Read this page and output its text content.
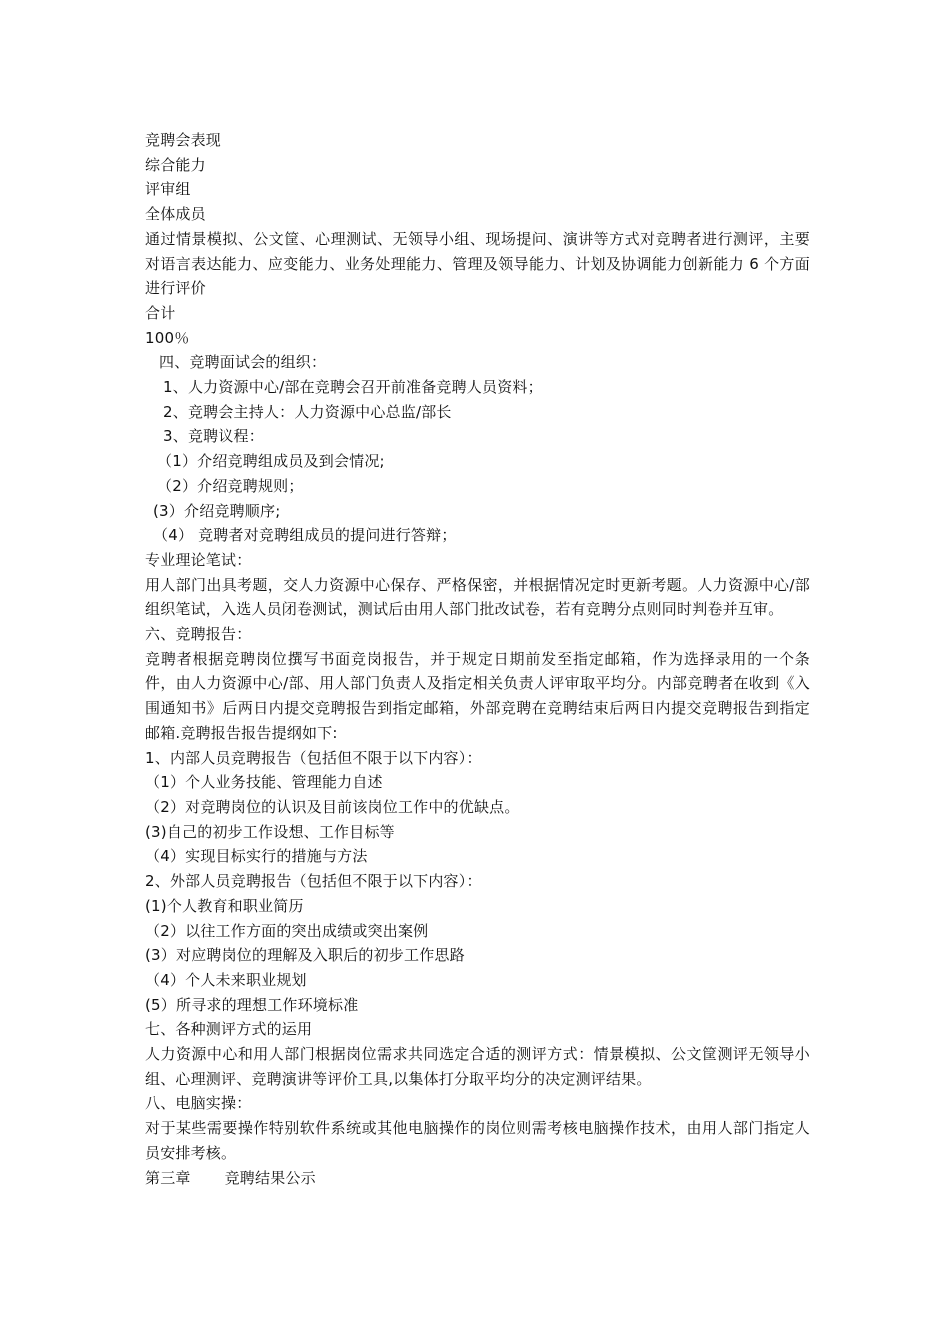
竞聘会表现
综合能力
评审组
全体成员
通过情景模拟、公文筐、心理测试、无领导小组、现场提问、演讲等方式对竞聘者进行测评，主要对语言表达能力、应变能力、业务处理能力、管理及领导能力、计划及协调能力创新能力 6 个方面进行评价
合计
100％
四、竞聘面试会的组织：
1、人力资源中心/部在竞聘会召开前准备竞聘人员资料；
2、竞聘会主持人：人力资源中心总监/部长
3、竞聘议程：
（1）介绍竞聘组成员及到会情况;
（2）介绍竞聘规则；
(3）介绍竞聘顺序;
（4） 竞聘者对竞聘组成员的提问进行答辩；
专业理论笔试：
用人部门出具考题，交人力资源中心保存、严格保密，并根据情况定时更新考题。人力资源中心/部组织笔试，入选人员闭卷测试，测试后由用人部门批改试卷，若有竞聘分点则同时判卷并互审。
六、竞聘报告：
竞聘者根据竞聘岗位撰写书面竞岗报告，并于规定日期前发至指定邮箱，作为选择录用的一个条件，由人力资源中心/部、用人部门负责人及指定相关负责人评审取平均分。内部竞聘者在收到《入围通知书》后两日内提交竞聘报告到指定邮箱，外部竞聘在竞聘结束后两日内提交竞聘报告到指定邮箱.竞聘报告报告提纲如下:
1、内部人员竞聘报告（包括但不限于以下内容）：
（1）个人业务技能、管理能力自述
（2）对竞聘岗位的认识及目前该岗位工作中的优缺点。
(3)自己的初步工作设想、工作目标等
（4）实现目标实行的措施与方法
2、外部人员竞聘报告（包括但不限于以下内容）：
(1)个人教育和职业简历
（2）以往工作方面的突出成绩或突出案例
(3）对应聘岗位的理解及入职后的初步工作思路
（4）个人未来职业规划
(5）所寻求的理想工作环境标准
七、各种测评方式的运用
人力资源中心和用人部门根据岗位需求共同选定合适的测评方式：情景模拟、公文筐测评无领导小组、心理测评、竞聘演讲等评价工具,以集体打分取平均分的决定测评结果。
八、电脑实操：
对于某些需要操作特别软件系统或其他电脑操作的岗位则需考核电脑操作技术，由用人部门指定人员安排考核。
第三章 竞聘结果公示
